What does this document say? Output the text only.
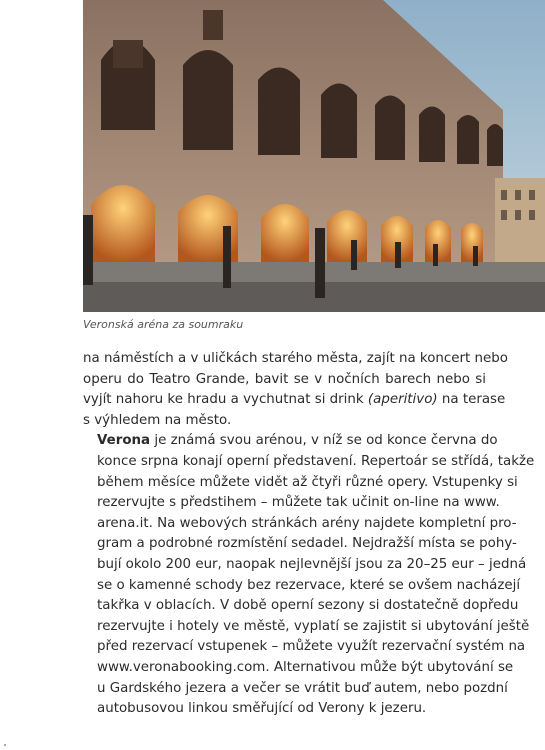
Veronská aréna za soumraku

na náměstích a v uličkách starého města, zajít na koncert nebo
operu do Teatro Grande, bavit se v nočních barech nebo si
vyjít nahoru ke hradu a vychutnat si drink (aperitivo) na terase
s výhledem na město.

Verona je známá svou arénou, v níž se od konce června do
konce srpna konají operní představení. Repertoár se střídá, takže
během měsíce můžete vidět až čtyři různé opery. Vstupenky si
rezervujte s předstihem – můžete tak učinit on-line na www.
arena.it. Na webových stránkách arény najdete kompletní pro-
gram a podrobné rozmístění sedadel. Nejdražší místa se pohy-
bují okolo 200 eur, naopak nejlevnější jsou za 20–25 eur – jedná
se o kamenné schody bez rezervace, které se ovšem nacházejí
takřka v oblacích. V době operní sezony si dostatečně dopředu
rezervujte i hotely ve městě, vyplatí se zajistit si ubytování ještě
před rezervací vstupenek – můžete využít rezervační systém na
www.veronabooking.com. Alternativou může být ubytování se
u Gardského jezera a večer se vrátit buď autem, nebo pozdní
autobusovou linkou směřující od Verony k jezeru.
